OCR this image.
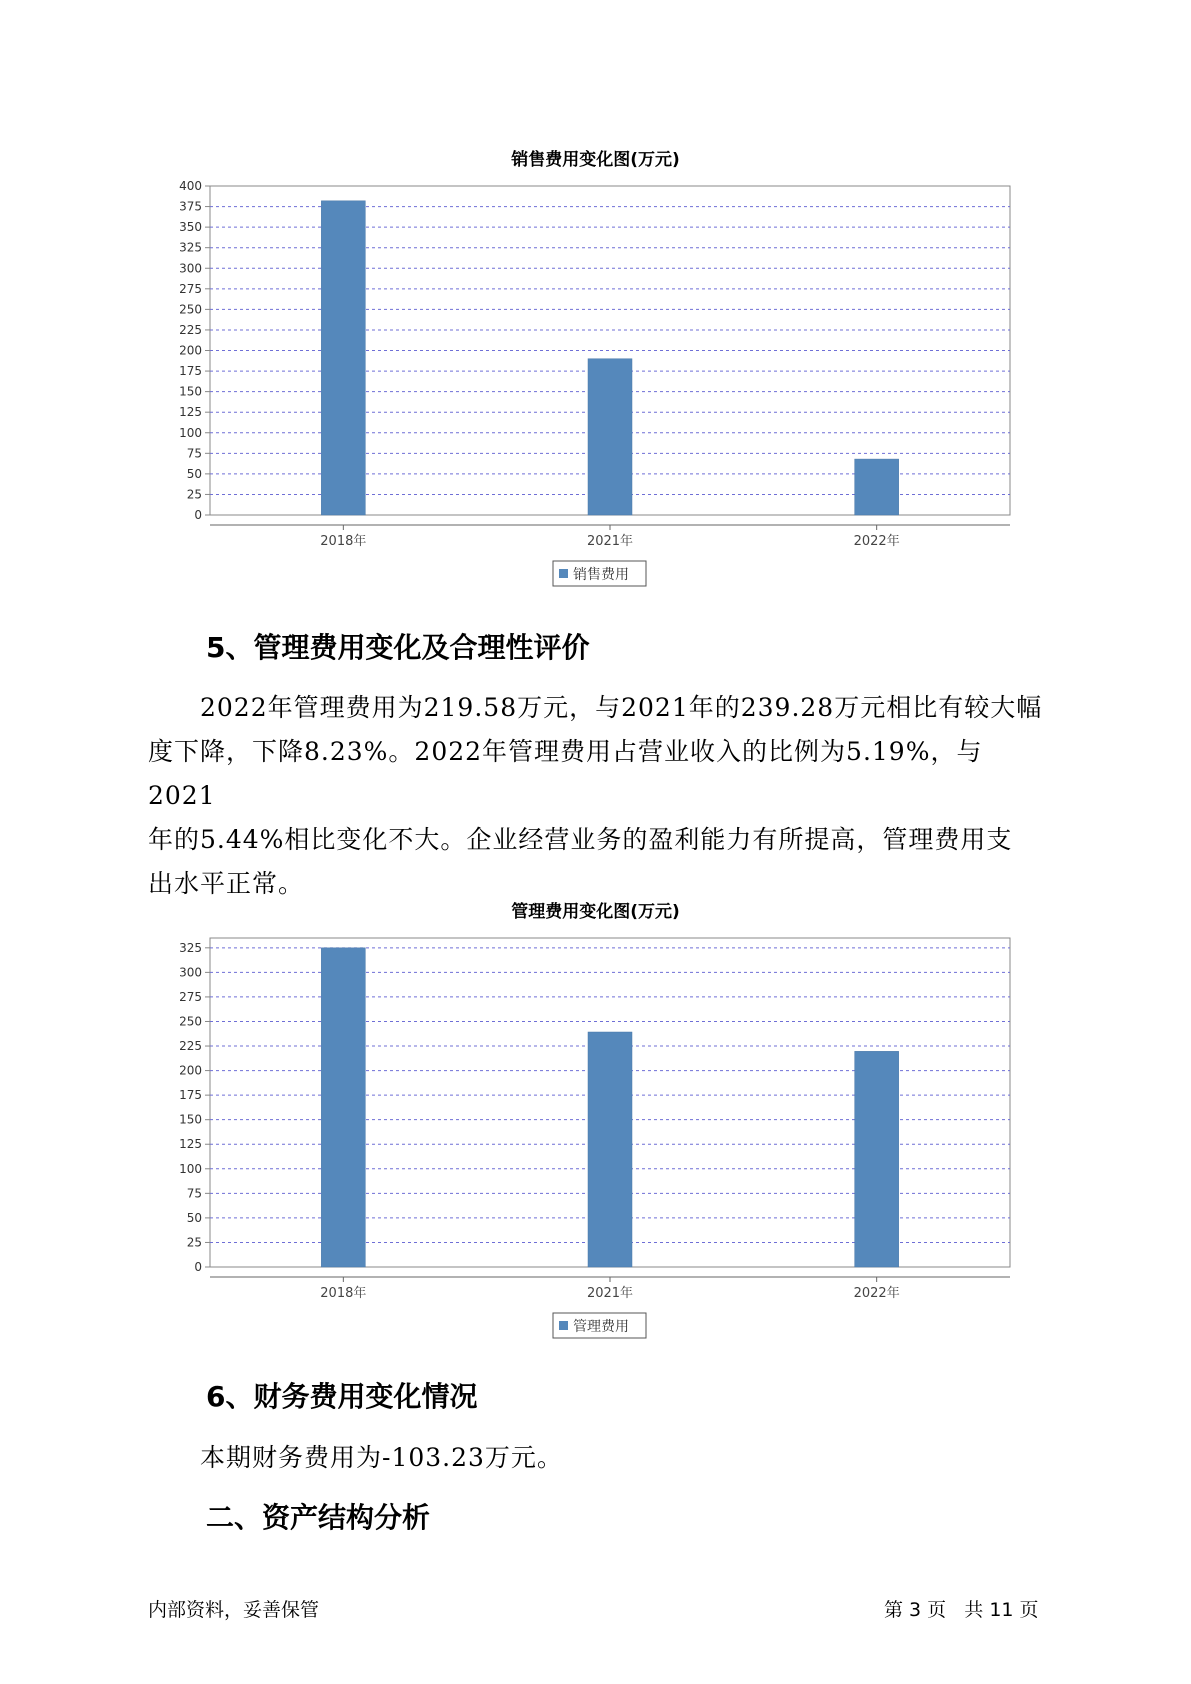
销售费用变化图(万元)
0
25
50
75
100
125
150
175
200
225
250
275
300
325
350
375
400
2018年	2021年	2022年
销售费用
5、管理费用变化及合理性评价
2022年管理费用为219.58万元，与2021年的239.28万元相比有较大幅
度下降，下降8.23%。2022年管理费用占营业收入的比例为5.19%，与2021
年的5.44%相比变化不大。企业经营业务的盈利能力有所提高，管理费用支
出水平正常。
管理费用变化图(万元)
0
25
50
75
100
125
150
175
200
225
250
275
300
325
2018年	2021年	2022年
管理费用
6、财务费用变化情况
本期财务费用为-103.23万元。
二、资产结构分析
内部资料，妥善保管	第 3 页   共 11 页
